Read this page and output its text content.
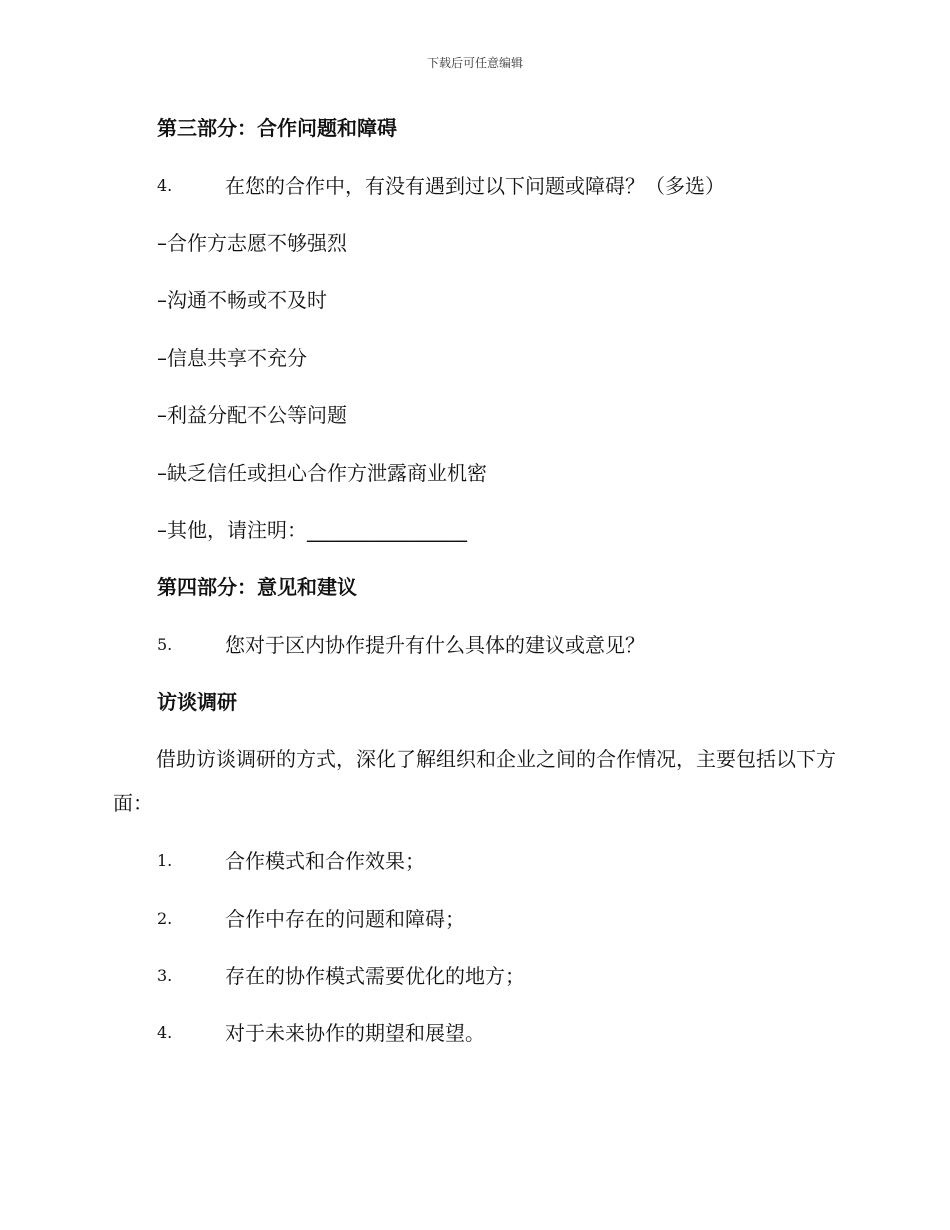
下载后可任意编辑
第三部分：合作问题和障碍
4.	在您的合作中，有没有遇到过以下问题或障碍？（多选）
–合作方志愿不够强烈
–沟通不畅或不及时
–信息共享不充分
–利益分配不公等问题
–缺乏信任或担心合作方泄露商业机密
–其他，请注明：________________
第四部分：意见和建议
5.	您对于区内协作提升有什么具体的建议或意见？
访谈调研
借助访谈调研的方式，深化了解组织和企业之间的合作情况，主要包括以下方面：
1.	合作模式和合作效果；
2.	合作中存在的问题和障碍；
3.	存在的协作模式需要优化的地方；
4.	对于未来协作的期望和展望。
